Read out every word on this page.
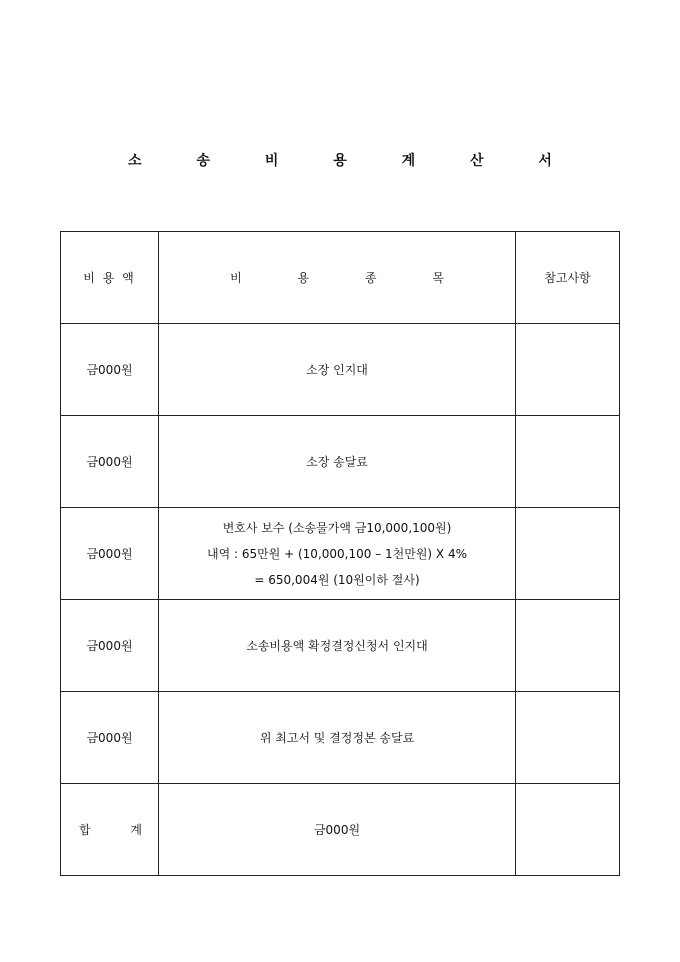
소 송 비 용 계 산 서
비 용 액	비 용 종 목	참고사항
금000원	소장 인지대	

금000원	소장 송달료	

금000원	변호사 보수 (소송물가액 금10,000,100원)
내역 : 65만원 + (10,000,100 – 1천만원) X 4%
= 650,004원 (10원이하 절사)	

금000원	소송비용액 확정결정신청서 인지대	

금000원	위 최고서 및 결정정본 송달료	

합 계	금000원	
